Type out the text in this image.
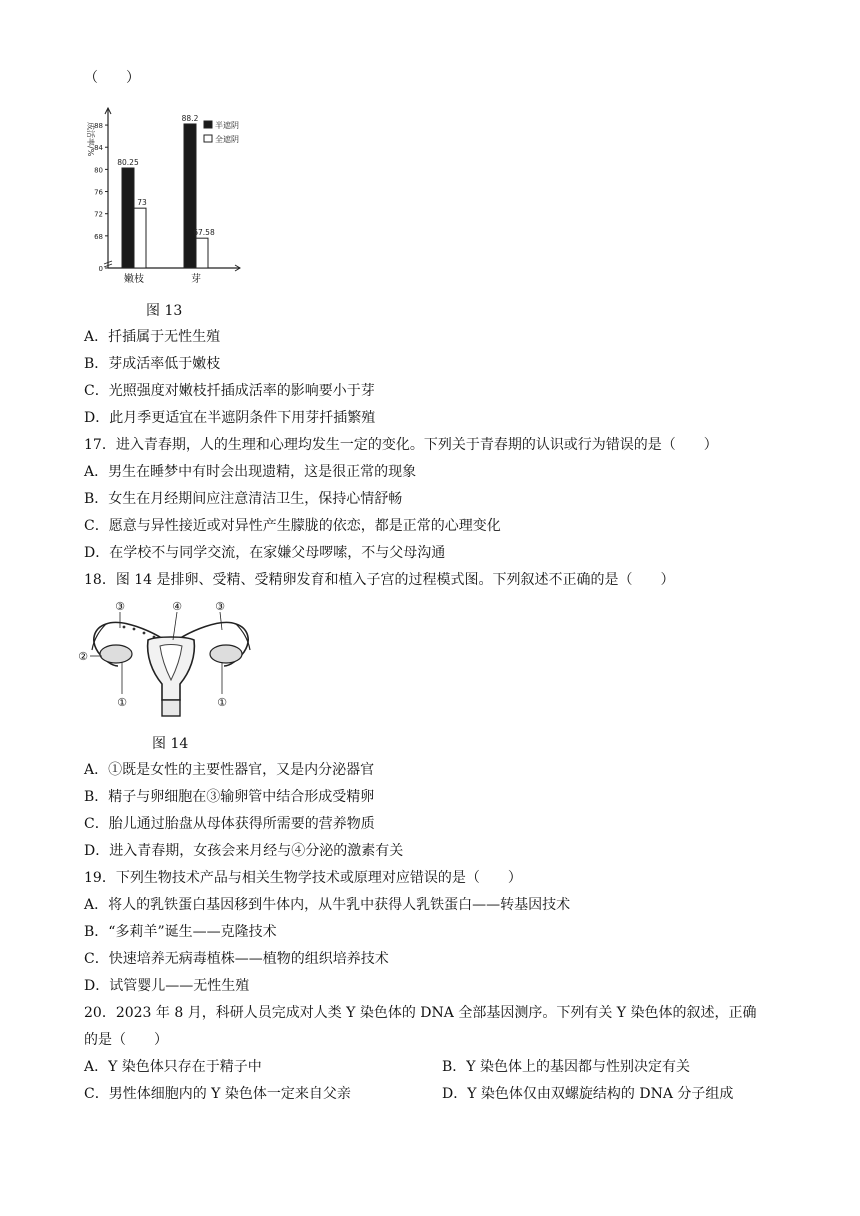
（　　）
0
68
72
76
80
84
88
成活率/%
80.25
73
嫩枝
88.2
67.58
芽
半遮阴
全遮阴
图 13
A．扦插属于无性生殖
B．芽成活率低于嫩枝
C．光照强度对嫩枝扦插成活率的影响要小于芽
D．此月季更适宜在半遮阴条件下用芽扦插繁殖
17．进入青春期，人的生理和心理均发生一定的变化。下列关于青春期的认识或行为错误的是（　　）
A．男生在睡梦中有时会出现遗精，这是很正常的现象
B．女生在月经期间应注意清洁卫生，保持心情舒畅
C．愿意与异性接近或对异性产生朦胧的依恋，都是正常的心理变化
D．在学校不与同学交流，在家嫌父母啰嗦，不与父母沟通
18．图 14 是排卵、受精、受精卵发育和植入子宫的过程模式图。下列叙述不正确的是（　　）
③	④	③
②
①	①
图 14
A．①既是女性的主要性器官，又是内分泌器官
B．精子与卵细胞在③输卵管中结合形成受精卵
C．胎儿通过胎盘从母体获得所需要的营养物质
D．进入青春期，女孩会来月经与④分泌的激素有关
19．下列生物技术产品与相关生物学技术或原理对应错误的是（　　）
A．将人的乳铁蛋白基因移到牛体内，从牛乳中获得人乳铁蛋白——转基因技术
B．“多莉羊”诞生——克隆技术
C．快速培养无病毒植株——植物的组织培养技术
D．试管婴儿——无性生殖
20．2023 年 8 月，科研人员完成对人类 Y 染色体的 DNA 全部基因测序。下列有关 Y 染色体的叙述，正确
的是（　　）
A．Y 染色体只存在于精子中	B．Y 染色体上的基因都与性别决定有关
C．男性体细胞内的 Y 染色体一定来自父亲	D．Y 染色体仅由双螺旋结构的 DNA 分子组成
